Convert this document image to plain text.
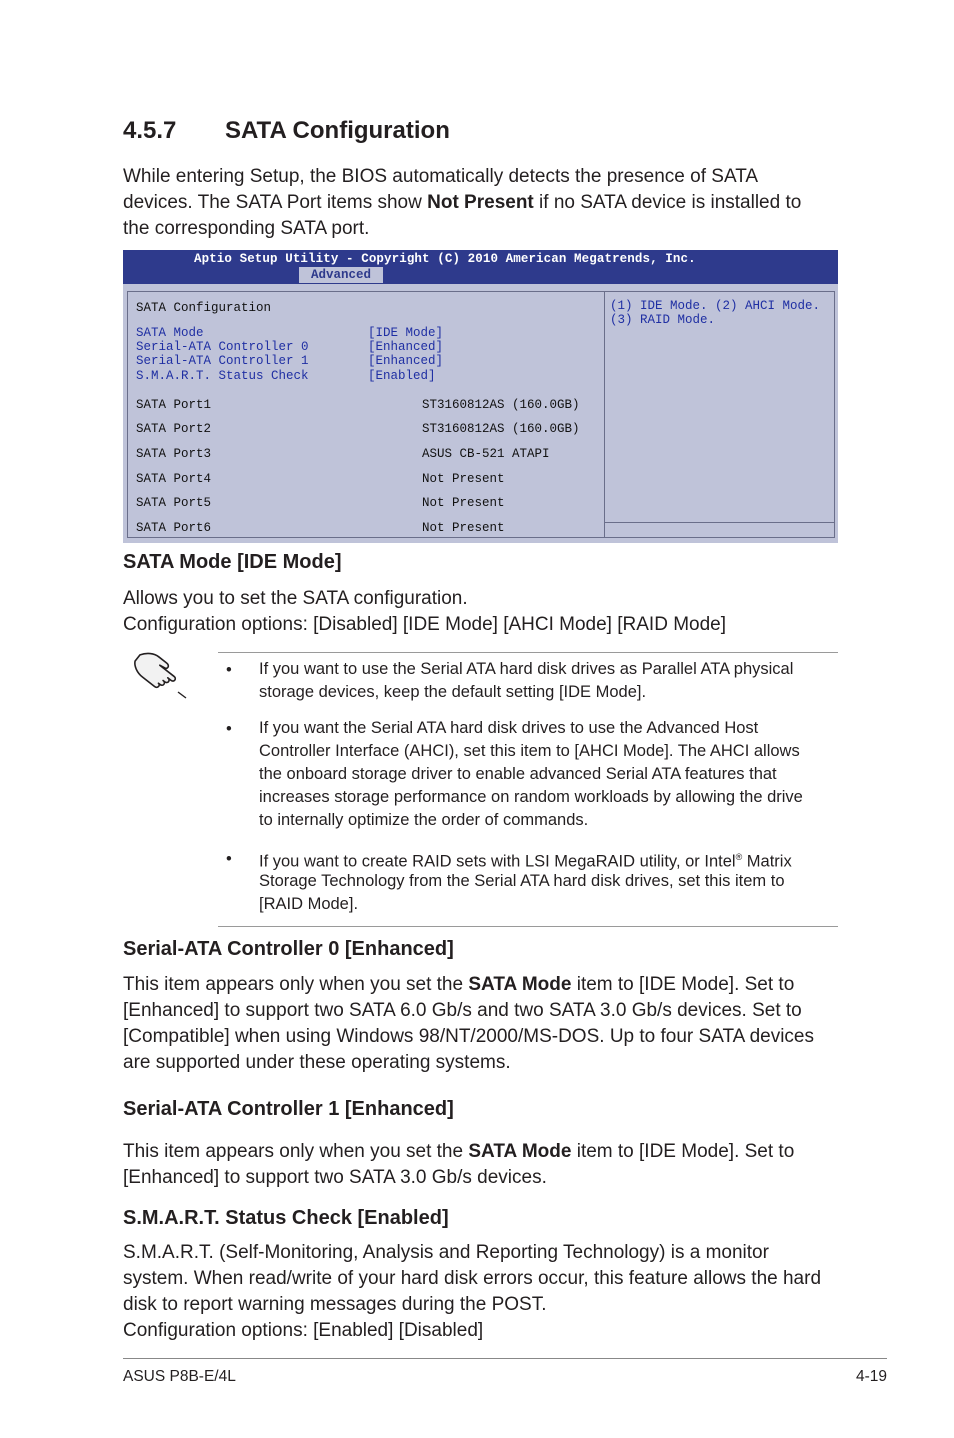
4.5.7 SATA Configuration
While entering Setup, the BIOS automatically detects the presence of SATA
devices. The SATA Port items show Not Present if no SATA device is installed to
the corresponding SATA port.
Aptio Setup Utility - Copyright (C) 2010 American Megatrends, Inc.
Advanced
SATA Configuration
SATA Mode	[IDE Mode]
Serial-ATA Controller 0	[Enhanced]
Serial-ATA Controller 1	[Enhanced]
S.M.A.R.T. Status Check	[Enabled]
SATA Port1	ST3160812AS (160.0GB)
SATA Port2	ST3160812AS (160.0GB)
SATA Port3	ASUS CB-521 ATAPI
SATA Port4	Not Present
SATA Port5	Not Present
SATA Port6	Not Present
(1) IDE Mode. (2) AHCI Mode.
(3) RAID Mode.
SATA Mode [IDE Mode]
Allows you to set the SATA configuration.
Configuration options: [Disabled] [IDE Mode] [AHCI Mode] [RAID Mode]
• If you want to use the Serial ATA hard disk drives as Parallel ATA physical
storage devices, keep the default setting [IDE Mode].
• If you want the Serial ATA hard disk drives to use the Advanced Host
Controller Interface (AHCI), set this item to [AHCI Mode]. The AHCI allows
the onboard storage driver to enable advanced Serial ATA features that
increases storage performance on random workloads by allowing the drive
to internally optimize the order of commands.
• If you want to create RAID sets with LSI MegaRAID utility, or Intel® Matrix
Storage Technology from the Serial ATA hard disk drives, set this item to
[RAID Mode].
Serial-ATA Controller 0 [Enhanced]
This item appears only when you set the SATA Mode item to [IDE Mode]. Set to
[Enhanced] to support two SATA 6.0 Gb/s and two SATA 3.0 Gb/s devices. Set to
[Compatible] when using Windows 98/NT/2000/MS-DOS. Up to four SATA devices
are supported under these operating systems.
Serial-ATA Controller 1 [Enhanced]
This item appears only when you set the SATA Mode item to [IDE Mode]. Set to
[Enhanced] to support two SATA 3.0 Gb/s devices.
S.M.A.R.T. Status Check [Enabled]
S.M.A.R.T. (Self-Monitoring, Analysis and Reporting Technology) is a monitor
system. When read/write of your hard disk errors occur, this feature allows the hard
disk to report warning messages during the POST.
Configuration options: [Enabled] [Disabled]
ASUS P8B-E/4L	4-19
